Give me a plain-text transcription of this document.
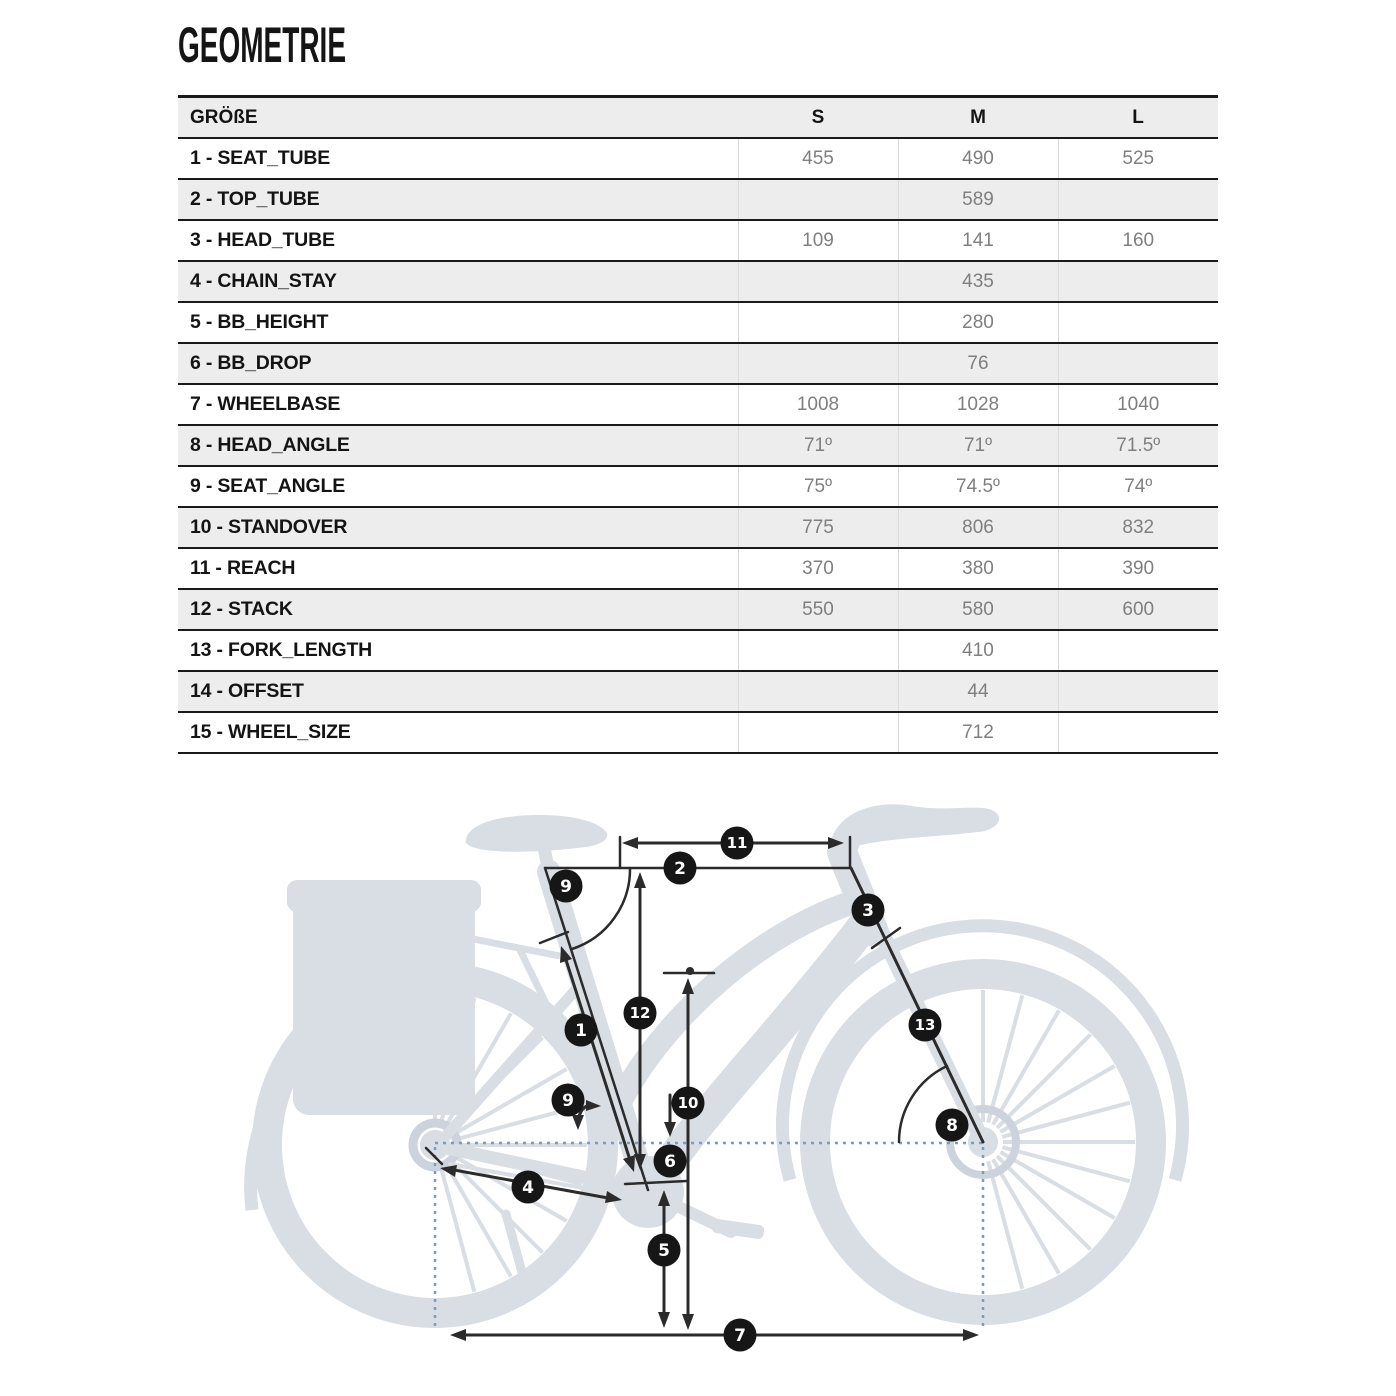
GEOMETRIE
GRÖßE	S	M	L
1 - SEAT_TUBE	455	490	525
2 - TOP_TUBE		589	
3 - HEAD_TUBE	109	141	160
4 - CHAIN_STAY		435	
5 - BB_HEIGHT		280	
6 - BB_DROP		76	
7 - WHEELBASE	1008	1028	1040
8 - HEAD_ANGLE	71º	71º	71.5º
9 - SEAT_ANGLE	75º	74.5º	74º
10 - STANDOVER	775	806	832
11 - REACH	370	380	390
12 - STACK	550	580	600
13 - FORK_LENGTH		410	
14 - OFFSET		44	
15 - WHEEL_SIZE		712	
1
2
3
4
5
6
7
8
9
9	10
11
12
13
